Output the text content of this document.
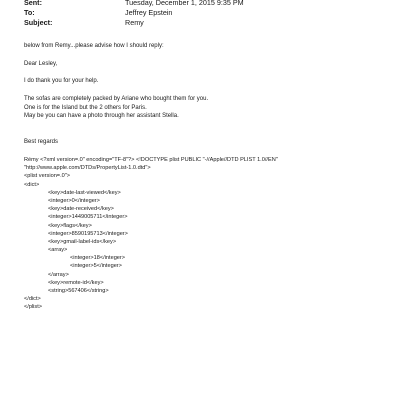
Sent:	Tuesday, December 1, 2015 9:35 PM
To:	Jeffrey Epstein
Subject:	Remy
below from Remy...please advise how I should reply:
Dear Lesley,
I do thank you for your help.
The sofas are completely packed by Ariane who bought them for you.
One is for the Island but the 2 others for Paris.
May be you can have a photo through her assistant Stella.
Best regards
Rémy <?xml version=.0" encoding="TF-8"?> <!DOCTYPE plist PUBLIC "-//Apple//DTD PLIST 1.0//EN"
"http://www.apple.com/DTDs/PropertyList-1.0.dtd">
<plist version=.0">
<dict>
<key>date-last-viewed</key>
<integer>0</integer>
<key>date-received</key>
<integer>1449005711</integer>
<key>flags</key>
<integer>8590195713</integer>
<key>gmail-label-ids</key>
<array>
<integer>18</integer>
<integer>5</integer>
</array>
<key>remote-id</key>
<string>567406</string>
</dict>
</plist>
